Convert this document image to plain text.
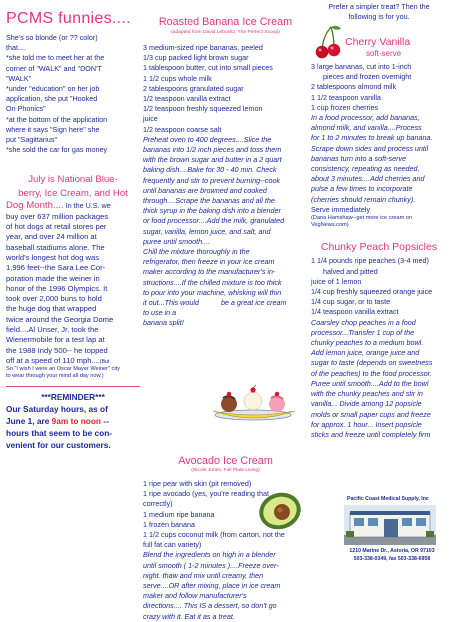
PCMS funnies....

She's so blonde (or ?? color)

that....

*she told me to meet her at the

corner of "WALK" and "DON'T

"WALK"

*under "education" on her job

application, she put "Hooked

On Phonics"

*at the bottom of the application

where it says "Sign here" she

put "Sagittarius"

*she sold the car for gas money

July is National Blue-
berry, Ice Cream, and Hot

Dog Month.... In the U.S. we

buy over 637 million packages

of hot dogs at retail stores per

year, and over 24 million at

baseball stadiums alone. The

world's longest hot dog was

1,996 feet--the Sara Lee Cor-

poration made the weiner in

honor of the 1996 Olympics. It

took over 2,000 buns to hold

the huge dog that wrapped

twice around the Georgia Dome

field....Al Unser, Jr. took the

Wienermobile for a test lap at

the 1988 Indy 500-- he topped

off at a speed of 110 mph....(But

So "I wish I were an Oscar Mayer Weiner" city
to wear through your mind all day now.)
***REMINDER***
Our Saturday hours, as of
June 1, are 9am to noon --
hours that seem to be con-
venient for our customers.
Roasted Banana Ice Cream
(adapted from David Lebovitz, The Perfect Scoop)

3 medium-sized ripe bananas, peeled

1/3 cup packed light brown sugar

1 tablespoon butter, cut into small pieces

1 1/2 cups whole milk

2 tablespoons granulated sugar

1/2 teaspoon vanilla extract

1/2 teaspoon freshly squeezed lemon

juice

1/2 teaspoon coarse salt

Preheat oven to 400 degrees....Slice the

bananas into 1/2 inch pieces and toss them

with the brown sugar and butter in a 2 quart

baking dish....Bake for 30 - 40 min. Check

frequently and stir to prevent burning--cook

until bananas are browned and cooked

through....Scrape the bananas and all the

thick syrup in the baking dish into a blender

or food processor....Add the milk, granulated

sugar, vanilla, lemon juice, and salt, and

puree until smooth....

Chill the mixture thoroughly in the

refrigerator, then freeze in your ice cream

maker according to the manufacturer's in-

structions....If the chilled mixture is too thick

to pour into your machine, whisking will thin

it out...This would	be a great ice cream

to use in a

banana split!

Avocado Ice Cream
(Nicole Jones, Full Plate Living)

1 ripe pear with skin (pit removed)

1 ripe avocado (yes, you're reading that

correctly)

1 medium ripe banana

1 frozen banana

1 1/2 cups coconut milk (from carton, not the

full fat can variety)

Blend the ingredients on high in a blender

until smooth ( 1-2 minutes )....Freeze over-

night. thaw and mix until creamy, then

serve....OR after mixing, place in ice cream

maker and follow manufacturer's

directions.... This IS a dessert, so don't go

crazy with it. Eat it as a treat.

Prefer a simpler treat? Then the
following is for you.
Cherry Vanilla
soft-serve

3 large bananas, cut into 1-inch

pieces and frozen overnight

2 tablespoons almond milk

1 1/2 teaspoon vanilla

1 cup frozen cherries

In a food processor, add bananas,

almond milk, and vanilla....Process

for 1 to 2 minutes to break up banana.

Scrape down sides and process until

bananas turn into a soft-serve

consistency, repeating as needed,

about 3 minutes....Add cherries and

pulse a few times to incorporate

(cherries should remain chunky).

Serve immediately

(Dana Hamshaw--get more ice cream on
VegNews.com)
Chunky Peach Popsicles

1 1/4 pounds ripe peaches (3-4 med)

halved and pitted

juice of 1 lemon

1/4 cup freshly squeezed orange juice

1/4 cup sugar, or to taste

1/4 teaspoon vanilla extract

Coarsley chop peaches in a food

processor...Transfer 1 cup of the

chunky peaches to a medium bowl.

Add lemon juice, orange juice and

sugar to taste (depends on sweetness

of the peaches) to the food processor.

Puree until smooth....Add to the bowl

with the chunky peaches and stir in

vanilla... Divide among 12 popsicle

molds or small paper cups and freeze

for approx. 1 hour... Insert popsicle

sticks and freeze until completely firm

Pacific Coast Medical Supply, Inc
1210 Marine Dr., Astoria, OR 97103
503-338-0349, fax 503-338-6958
